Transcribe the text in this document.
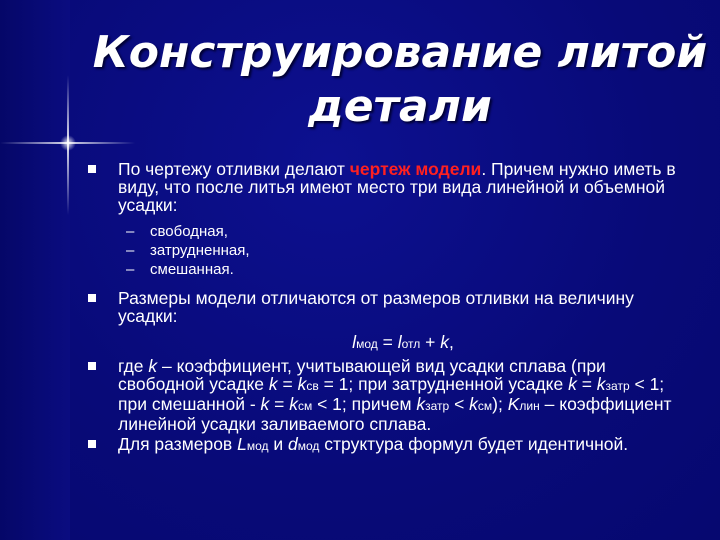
Конструирование литой
детали
По чертежу отливки делают чертеж модели. Причем нужно иметь в виду, что после литья имеют место три вида линейной и объемной усадки:
– свободная,
– затрудненная,
– смешанная.
Размеры модели отличаются от размеров отливки на величину усадки:
lмод = lотл + k,
где k – коэффициент, учитывающей вид усадки сплава (при свободной усадке k = kсв = 1; при затрудненной усадке k = kзатр < 1; при смешанной - k = kсм < 1; причем kзатр < kсм); Kлин – коэффициент линейной усадки заливаемого сплава.
Для размеров Lмод и dмод структура формул будет идентичной.
